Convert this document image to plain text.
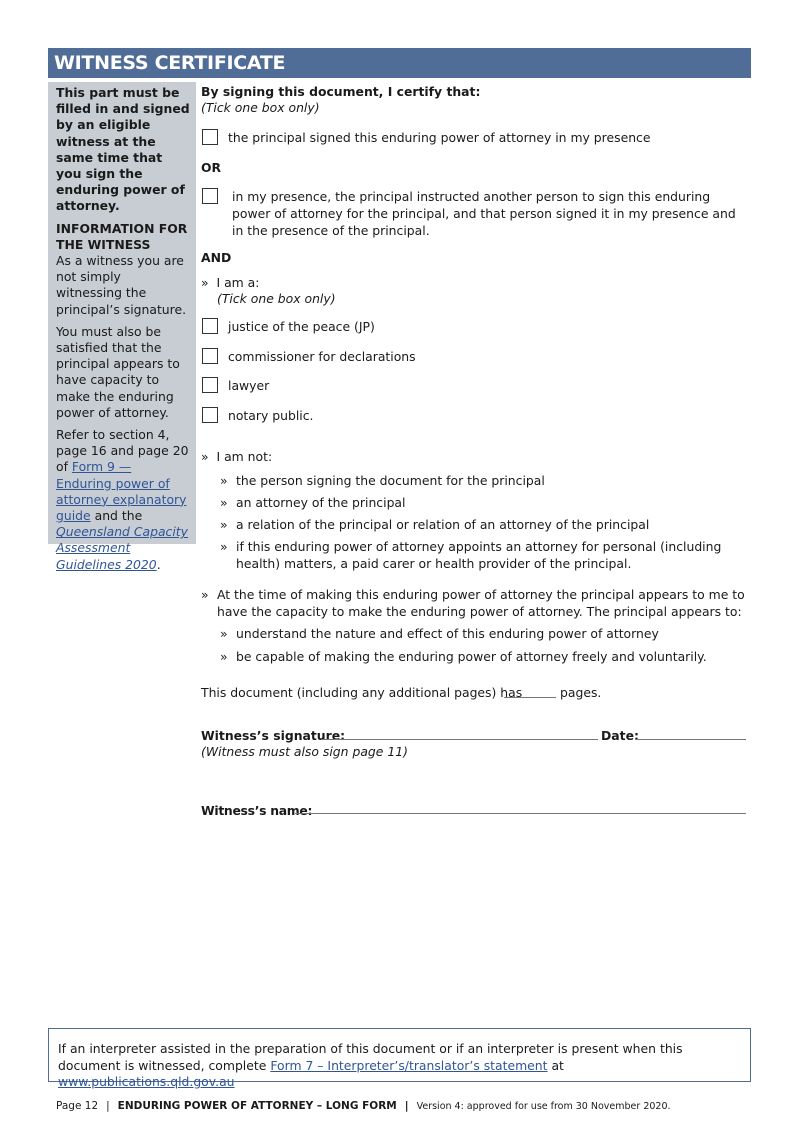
WITNESS CERTIFICATE

This part must be filled in and signed by an eligible witness at the same time that you sign the enduring power of attorney.

INFORMATION FOR THE WITNESS

As a witness you are not simply witnessing the principal’s signature.

You must also be satisfied that the principal appears to have capacity to make the enduring power of attorney.

Refer to section 4, page 16 and page 20 of Form 9 — Enduring power of attorney explanatory guide and the Queensland Capacity Assessment Guidelines 2020.

By signing this document, I certify that:
(Tick one box only)
the principal signed this enduring power of attorney in my presence
OR
in my presence, the principal instructed another person to sign this enduring power of attorney for the principal, and that person signed it in my presence and in the presence of the principal.
AND
» I am a:
(Tick one box only)
justice of the peace (JP)
commissioner for declarations
lawyer
notary public.
» I am not:
» the person signing the document for the principal
» an attorney of the principal
» a relation of the principal or relation of an attorney of the principal
» if this enduring power of attorney appoints an attorney for personal (including health) matters, a paid carer or health provider of the principal.
» At the time of making this enduring power of attorney the principal appears to me to have the capacity to make the enduring power of attorney. The principal appears to:
» understand the nature and effect of this enduring power of attorney
» be capable of making the enduring power of attorney freely and voluntarily.
This document (including any additional pages) has	pages.
Witness’s signature:	Date:
(Witness must also sign page 11)
Witness’s name:
If an interpreter assisted in the preparation of this document or if an interpreter is present when this document is witnessed, complete Form 7 – Interpreter’s/translator’s statement at www.publications.qld.gov.au
Page 12 | ENDURING POWER OF ATTORNEY – LONG FORM | Version 4: approved for use from 30 November 2020.
